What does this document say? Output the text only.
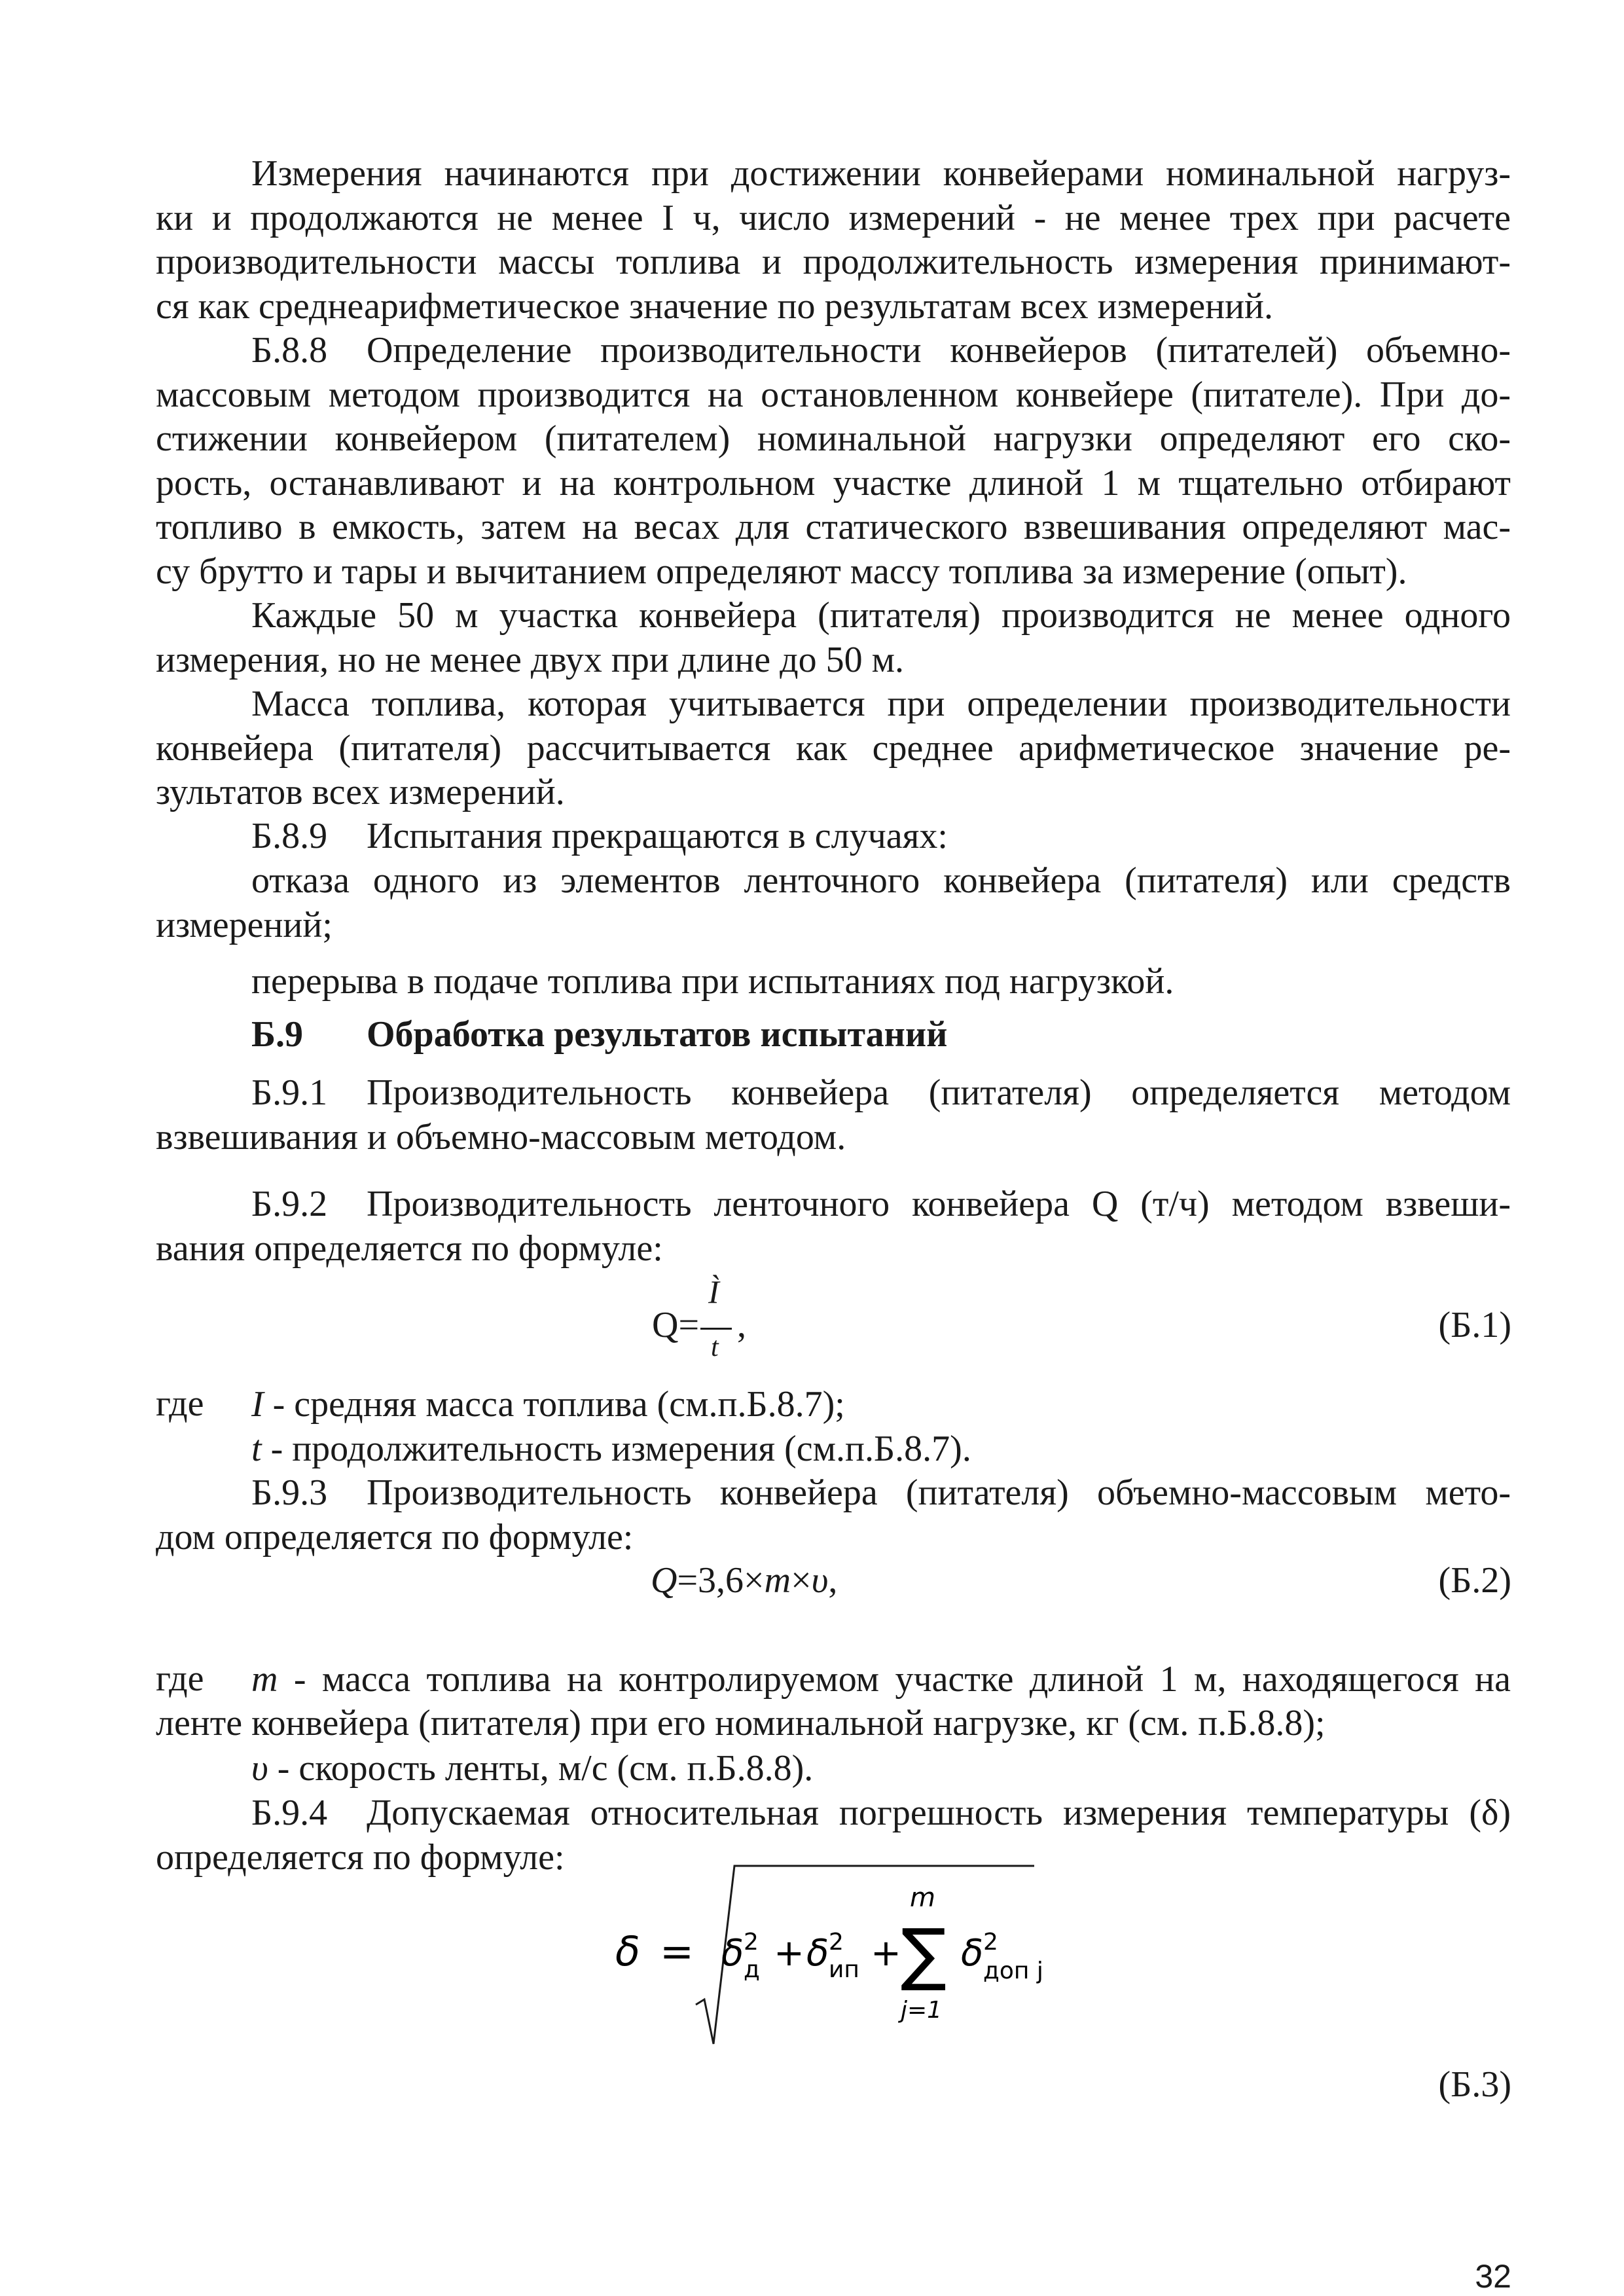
Измерения начинаются при достижении конвейерами номинальной нагруз-
ки и продолжаются не менее I ч, число измерений - не менее трех при расчете
производительности массы топлива и продолжительность измерения принимают-
ся как среднеарифметическое значение по результатам всех измерений.
Б.8.8 Определение производительности конвейеров (питателей) объемно-
массовым методом производится на остановленном конвейере (питателе). При до-
стижении конвейером (питателем) номинальной нагрузки определяют его ско-
рость, останавливают и на контрольном участке длиной 1 м тщательно отбирают
топливо в емкость, затем на весах для статического взвешивания определяют мас-
су брутто и тары и вычитанием определяют массу топлива за измерение (опыт).
Каждые 50 м участка конвейера (питателя) производится не менее одного
измерения, но не менее двух при длине до 50 м.
Масса топлива, которая учитывается при определении производительности
конвейера (питателя) рассчитывается как среднее арифметическое значение ре-
зультатов всех измерений.
Б.8.9 Испытания прекращаются в случаях:
отказа одного из элементов ленточного конвейера (питателя) или средств
измерений;
перерыва в подаче топлива при испытаниях под нагрузкой.
Б.9 Обработка результатов испытаний
Б.9.1 Производительность конвейера (питателя) определяется методом
взвешивания и объемно-массовым методом.
Б.9.2 Производительность ленточного конвейера Q (т/ч) методом взвеши-
вания определяется по формуле:
Q=
Ì
t
,	(Б.1)
где I - средняя масса топлива (см.п.Б.8.7);
t - продолжительность измерения (см.п.Б.8.7).
Б.9.3 Производительность конвейера (питателя) объемно-массовым мето-
дом определяется по формуле:
Q=3,6×m×υ,	(Б.2)
где m - масса топлива на контролируемом участке длиной 1 м, находящегося на
ленте конвейера (питателя) при его номинальной нагрузке, кг (см. п.Б.8.8);
υ - скорость ленты, м/с (см. п.Б.8.8).
Б.9.4 Допускаемая относительная погрешность измерения температуры (δ)
определяется по формуле:
δ = δ 2
д + δ 2
ип +
m
∑
j=1
δ 2
доп j
(Б.3)
32
